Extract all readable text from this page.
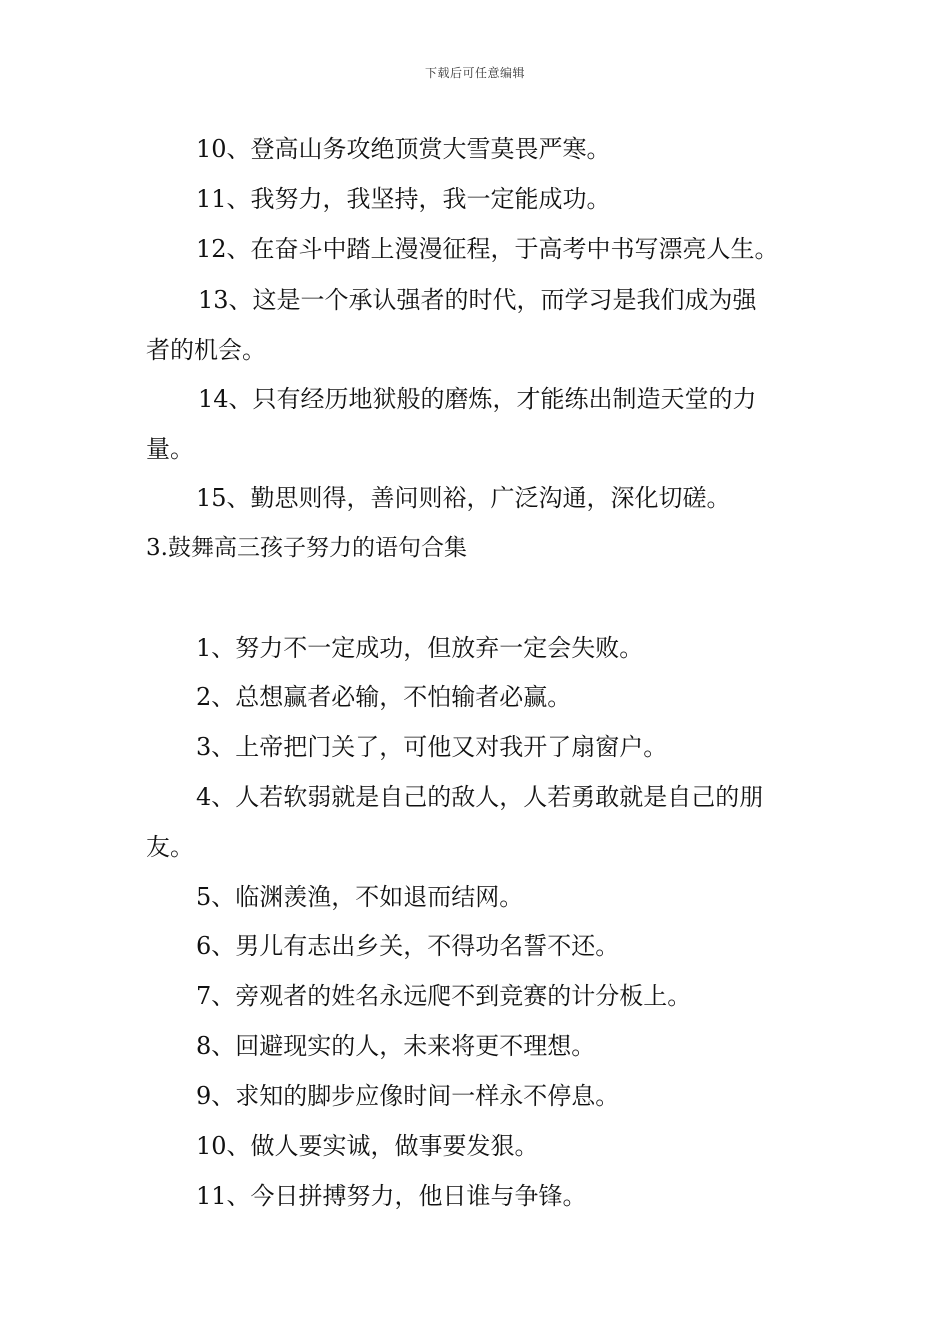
下载后可任意编辑
10、登高山务攻绝顶赏大雪莫畏严寒。
11、我努力，我坚持，我一定能成功。
12、在奋斗中踏上漫漫征程，于高考中书写漂亮人生。
13、这是一个承认强者的时代，而学习是我们成为强
者的机会。
14、只有经历地狱般的磨炼，才能练出制造天堂的力
量。
15、勤思则得，善问则裕，广泛沟通，深化切磋。
3.鼓舞高三孩子努力的语句合集
1、努力不一定成功，但放弃一定会失败。
2、总想赢者必输，不怕输者必赢。
3、上帝把门关了，可他又对我开了扇窗户。
4、人若软弱就是自己的敌人，人若勇敢就是自己的朋
友。
5、临渊羡渔，不如退而结网。
6、男儿有志出乡关，不得功名誓不还。
7、旁观者的姓名永远爬不到竞赛的计分板上。
8、回避现实的人，未来将更不理想。
9、求知的脚步应像时间一样永不停息。
10、做人要实诚，做事要发狠。
11、今日拼搏努力，他日谁与争锋。
